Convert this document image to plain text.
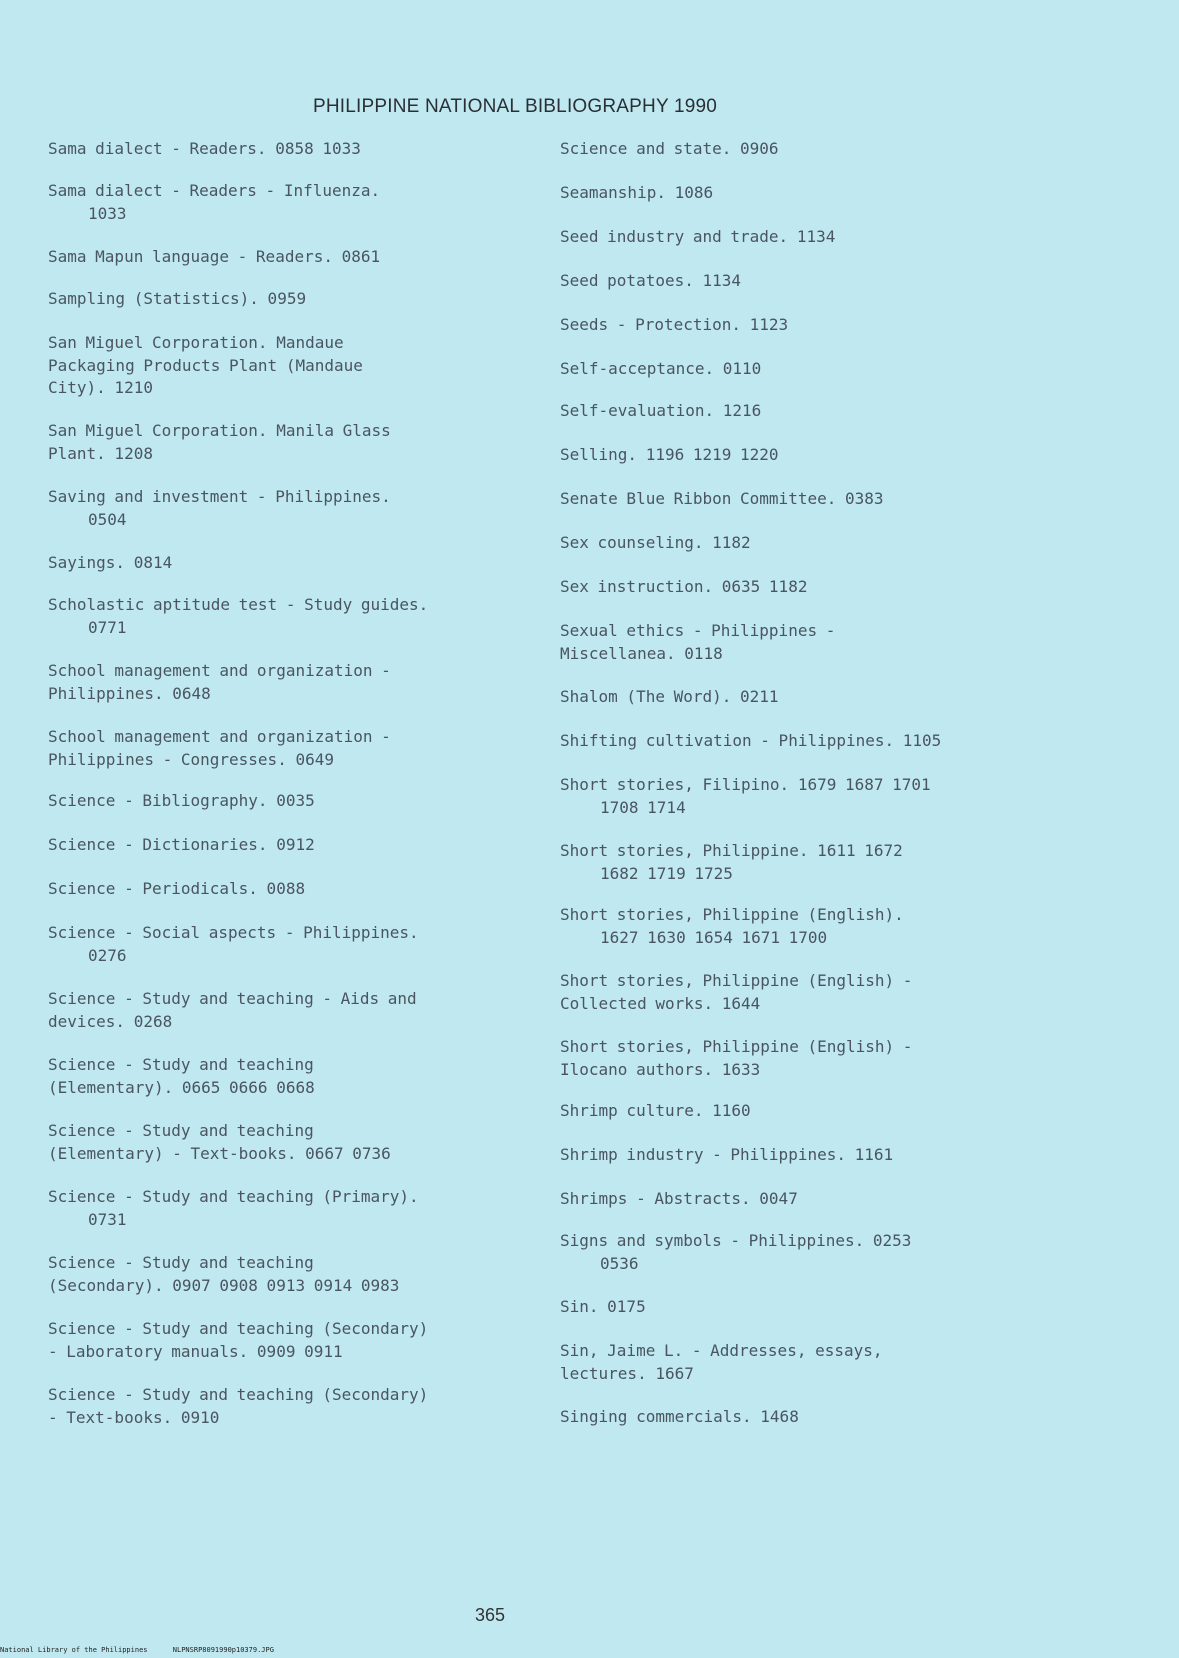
PHILIPPINE NATIONAL BIBLIOGRAPHY 1990
Sama dialect - Readers. 0858 1033
Sama dialect - Readers - Influenza.
1033
Sama Mapun language - Readers. 0861
Sampling (Statistics). 0959
San Miguel Corporation. Mandaue
Packaging Products Plant (Mandaue
City). 1210
San Miguel Corporation. Manila Glass
Plant. 1208
Saving and investment - Philippines.
0504
Sayings. 0814
Scholastic aptitude test - Study guides.
0771
School management and organization -
Philippines. 0648
School management and organization -
Philippines - Congresses. 0649
Science - Bibliography. 0035
Science - Dictionaries. 0912
Science - Periodicals. 0088
Science - Social aspects - Philippines.
0276
Science - Study and teaching - Aids and
devices. 0268
Science - Study and teaching
(Elementary). 0665 0666 0668
Science - Study and teaching
(Elementary) - Text-books. 0667 0736
Science - Study and teaching (Primary).
0731
Science - Study and teaching
(Secondary). 0907 0908 0913 0914 0983
Science - Study and teaching (Secondary)
- Laboratory manuals. 0909 0911
Science - Study and teaching (Secondary)
- Text-books. 0910
Science and state. 0906
Seamanship. 1086
Seed industry and trade. 1134
Seed potatoes. 1134
Seeds - Protection. 1123
Self-acceptance. 0110
Self-evaluation. 1216
Selling. 1196 1219 1220
Senate Blue Ribbon Committee. 0383
Sex counseling. 1182
Sex instruction. 0635 1182
Sexual ethics - Philippines -
Miscellanea. 0118
Shalom (The Word). 0211
Shifting cultivation - Philippines. 1105
Short stories, Filipino. 1679 1687 1701
1708 1714
Short stories, Philippine. 1611 1672
1682 1719 1725
Short stories, Philippine (English).
1627 1630 1654 1671 1700
Short stories, Philippine (English) -
Collected works. 1644
Short stories, Philippine (English) -
Ilocano authors. 1633
Shrimp culture. 1160
Shrimp industry - Philippines. 1161
Shrimps - Abstracts. 0047
Signs and symbols - Philippines. 0253
0536
Sin. 0175
Sin, Jaime L. - Addresses, essays,
lectures. 1667
Singing commercials. 1468
365
National Library of the Philippines      NLPNSRP8091990p10379.JPG
